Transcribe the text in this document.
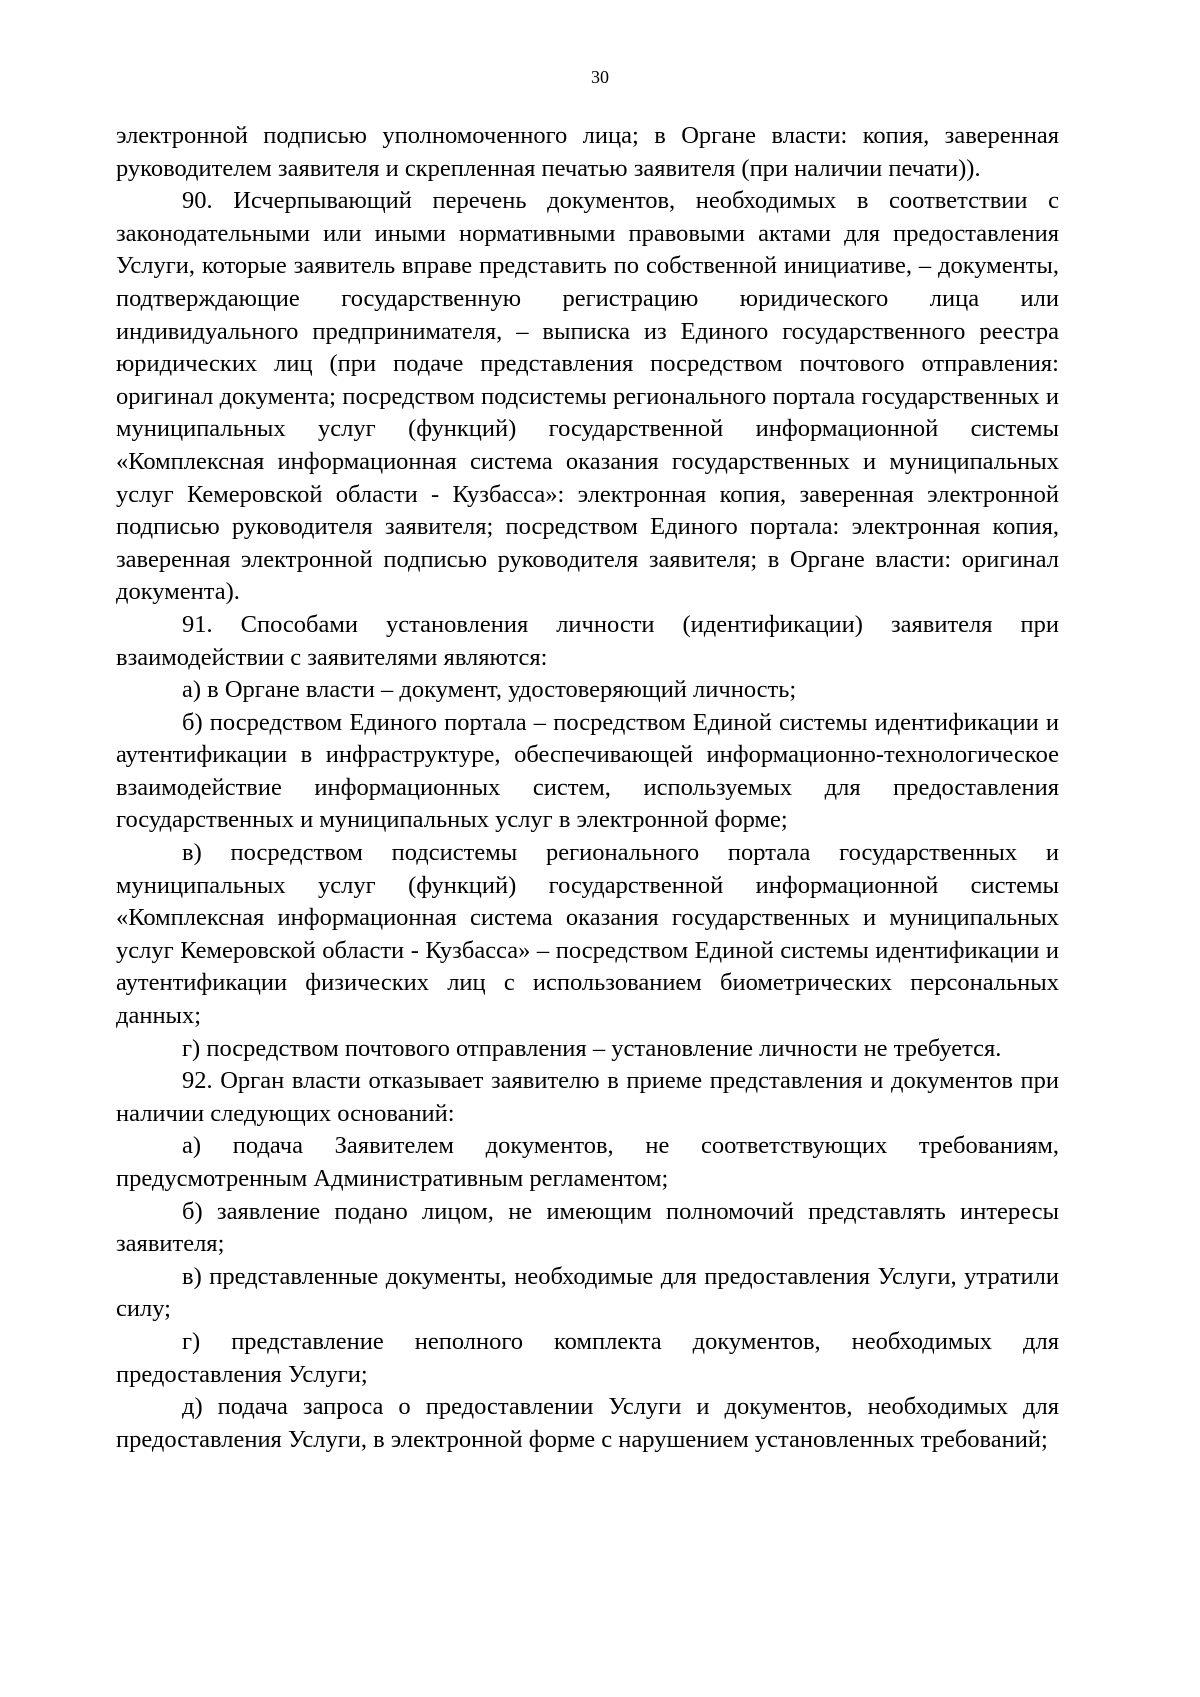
30

электронной подписью уполномоченного лица; в Органе власти: копия, заверенная руководителем заявителя и скрепленная печатью заявителя (при наличии печати)).

90. Исчерпывающий перечень документов, необходимых в соответствии с законодательными или иными нормативными правовыми актами для предоставления Услуги, которые заявитель вправе представить по собственной инициативе, – документы, подтверждающие государственную регистрацию юридического лица или индивидуального предпринимателя, – выписка из Единого государственного реестра юридических лиц (при подаче представления посредством почтового отправления: оригинал документа; посредством подсистемы регионального портала государственных и муниципальных услуг (функций) государственной информационной системы «Комплексная информационная система оказания государственных и муниципальных услуг Кемеровской области - Кузбасса»: электронная копия, заверенная электронной подписью руководителя заявителя; посредством Единого портала: электронная копия, заверенная электронной подписью руководителя заявителя; в Органе власти: оригинал документа).

91. Способами установления личности (идентификации) заявителя при взаимодействии с заявителями являются:

а) в Органе власти – документ, удостоверяющий личность;

б) посредством Единого портала – посредством Единой системы идентификации и аутентификации в инфраструктуре, обеспечивающей информационно-технологическое взаимодействие информационных систем, используемых для предоставления государственных и муниципальных услуг в электронной форме;

в) посредством подсистемы регионального портала государственных и муниципальных услуг (функций) государственной информационной системы «Комплексная информационная система оказания государственных и муниципальных услуг Кемеровской области - Кузбасса» – посредством Единой системы идентификации и аутентификации физических лиц с использованием биометрических персональных данных;

г) посредством почтового отправления – установление личности не требуется.

92. Орган власти отказывает заявителю в приеме представления и документов при наличии следующих оснований:

а) подача Заявителем документов, не соответствующих требованиям, предусмотренным Административным регламентом;

б) заявление подано лицом, не имеющим полномочий представлять интересы заявителя;

в) представленные документы, необходимые для предоставления Услуги, утратили силу;

г) представление неполного комплекта документов, необходимых для предоставления Услуги;

д) подача запроса о предоставлении Услуги и документов, необходимых для предоставления Услуги, в электронной форме с нарушением установленных требований;
